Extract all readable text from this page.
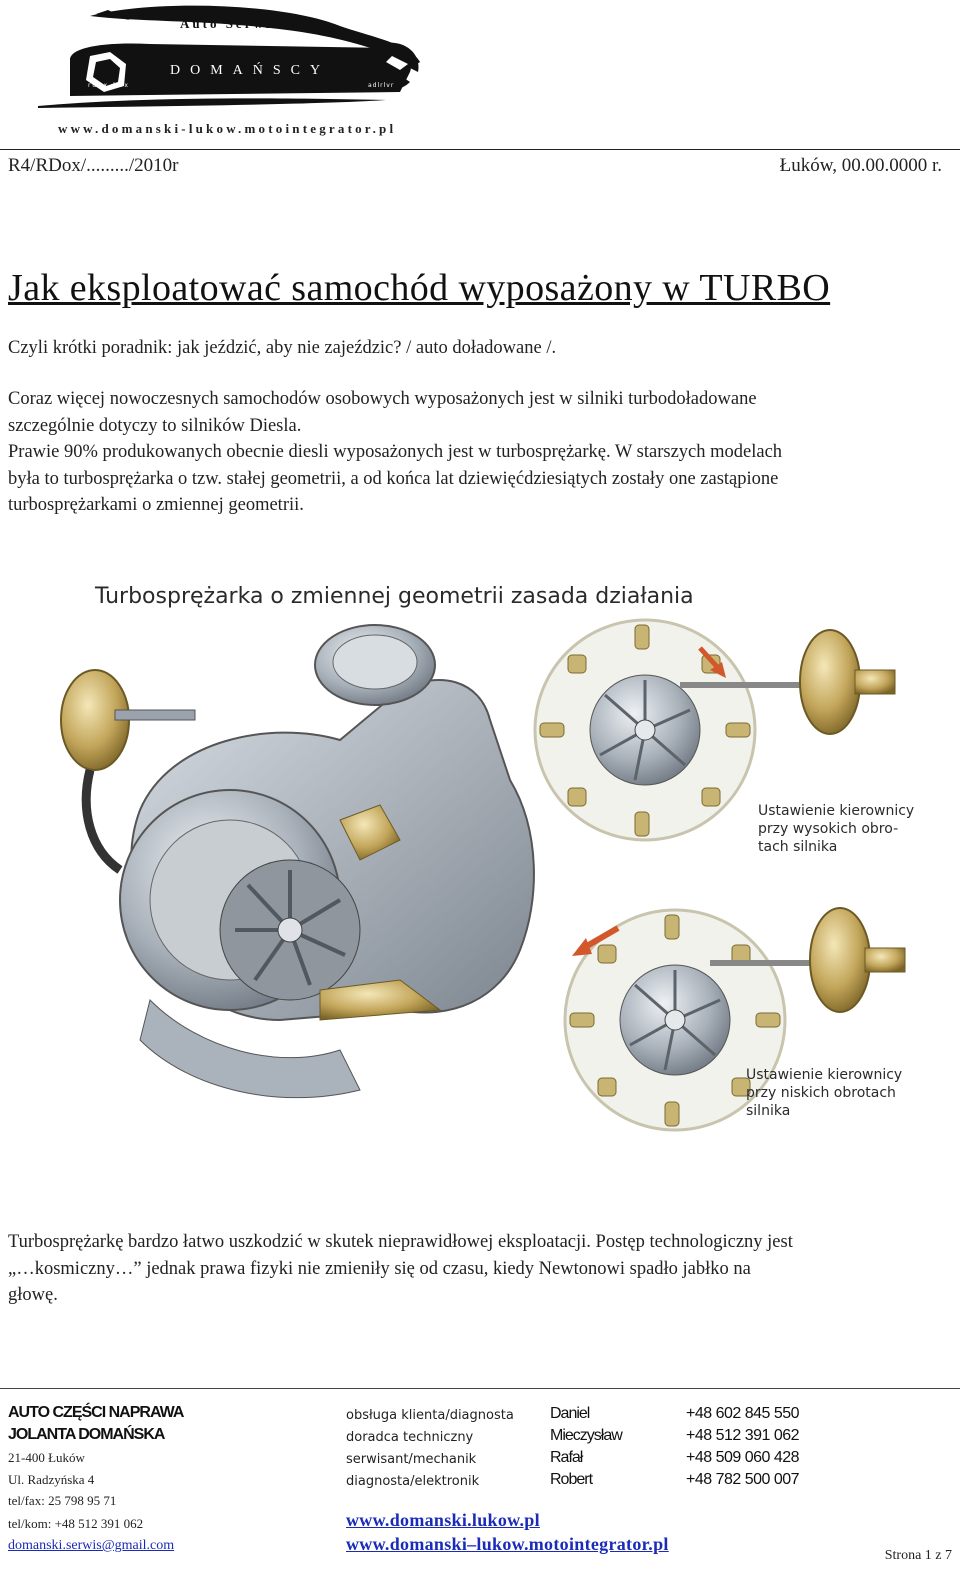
Auto Serwis
DOMAŃSCY
rdox box	adlrlvr
www.domanski-lukow.motointegrator.pl
R4/RDox/........./2010r	Łuków, 00.00.0000 r.
Jak eksploatować samochód wyposażony w TURBO
Czyli krótki poradnik: jak jeździć, aby nie zajeździc? / auto doładowane /.

Coraz więcej nowoczesnych samochodów osobowych wyposażonych jest w silniki turbodoładowane

szczególnie dotyczy to silników Diesla.

Prawie 90% produkowanych obecnie diesli wyposażonych jest w turbosprężarkę. W starszych modelach

była to turbosprężarka o tzw. stałej geometrii, a od końca lat dziewięćdziesiątych zostały one zastąpione

turbosprężarkami o zmiennej geometrii.

Turbosprężarka o zmiennej geometrii zasada działania
Ustawienie kierownicy
przy wysokich obro-
tach silnika
Ustawienie kierownicy
przy niskich obrotach
silnika

Turbosprężarkę bardzo łatwo uszkodzić w skutek nieprawidłowej eksploatacji. Postęp technologiczny jest

„…kosmiczny…” jednak prawa fizyki nie zmieniły się od czasu, kiedy Newtonowi spadło jabłko na

głowę.

AUTO CZĘŚCI NAPRAWA
JOLANTA DOMAŃSKA
21-400 Łuków
Ul. Radzyńska 4
tel/fax: 25 798 95 71
tel/kom: +48 512 391 062
domanski.serwis@gmail.com
obsługa klienta/diagnosta
doradca techniczny
serwisant/mechanik
diagnosta/elektronik
Daniel
Mieczysław
Rafał
Robert
+48 602 845 550
+48 512 391 062
+48 509 060 428
+48 782 500 007
www.domanski.lukow.pl
www.domanski–lukow.motointegrator.pl
Strona 1 z 7
